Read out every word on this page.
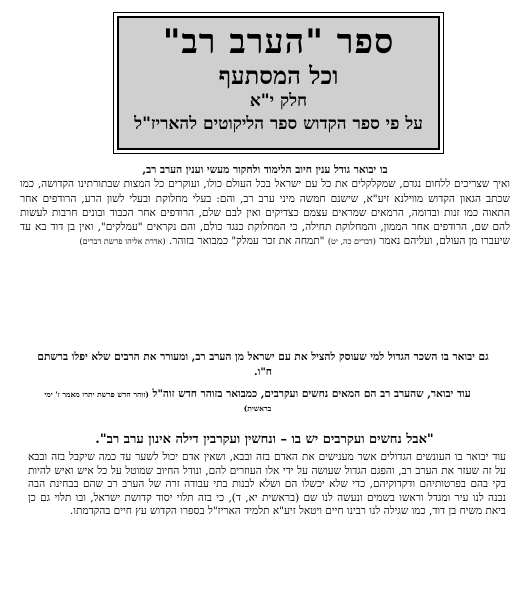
ספר "הערב רב"
וכל המסתעף
חלק י"א
על פי ספר הקדוש ספר הליקוטים להאריז"ל
בו יבואר גודל ענין חיוב הלימוד ולחקור מעשי וענין הערב רב,
ואיך שצריכים ללחום נגדם, שמקלקלים את כל עם ישראל בכל העולם כולו, ועוקרים כל המצות שבתורתינו הקדושה, כמו שכתב הגאון הקדוש מווילנא זיע"א, שישנם חמשה מיני ערב רב, והם: בעלי מחלוקת ובעלי לשון הרע, הרודפים אחר התאוה כמו זנות ובדומה, הרמאים שמראים עצמם כצדיקים ואין לבם שלם, הרודפים אחר הכבוד ובונים חרבות לעשות להם שם, הרודפים אחר הממון, והמחלוקת תחילה, כי המחלוקת כנגד כולם, והם נקראים "עמלקים", ואין בן דוד בא עד שיעברו מן העולם, ועליהם נאמר (דברים כה, יט) "תמחה את זכר עמלק" כמבואר בזוהר. (אדרת אליהו פרשת דברים)
גם יבואר בו השכר הגדול למי שעוסק להציל את עם ישראל מן הערב רב, ומעורר את הרבים שלא יפלו ברשתם ח"ו.
עוד יבואר, שהערב רב הם המאים נחשים ועקרבים, כמבואר בזוהר חדש זוה"ל (זוהר חדש פרשת יתרו מאמר ז' ימי בראשית)
"אבל נחשים ועקרבים יש בו – ונחשין ועקרבין דילה אינון ערב רב".
עוד יבואר בו העונשים הגדולים אשר מענישים את האדם בזה ובבא, ושאין אדם יכול לשער עד כמה שיקבל בזה ובבא על זה שעזר את הערב רב, והפגם הגדול שעושה על ידי אלו העוזרים להם, ונודל החיוב שמוטל על כל איש ואיש להיות בקי בהם בפרטותיהם ודקדוקיהם, כדי שלא יכשלו הם ושלא לבנות בתי עבודה זרה של הערב רב שהם בבחינת הבה נבנה לנו עיר ומגדל וראשו בשמים ונעשה לנו שם (בראשית יא, ד), כי בזה תלוי יסוד קדושת ישראל, ובו תלוי גם כן ביאת משיח בן דוד, כמו שגילה לנו רבינו חיים ויטאל זיע"א תלמיד האריז"ל בספרו הקדוש עץ חיים בהקדמתו.
